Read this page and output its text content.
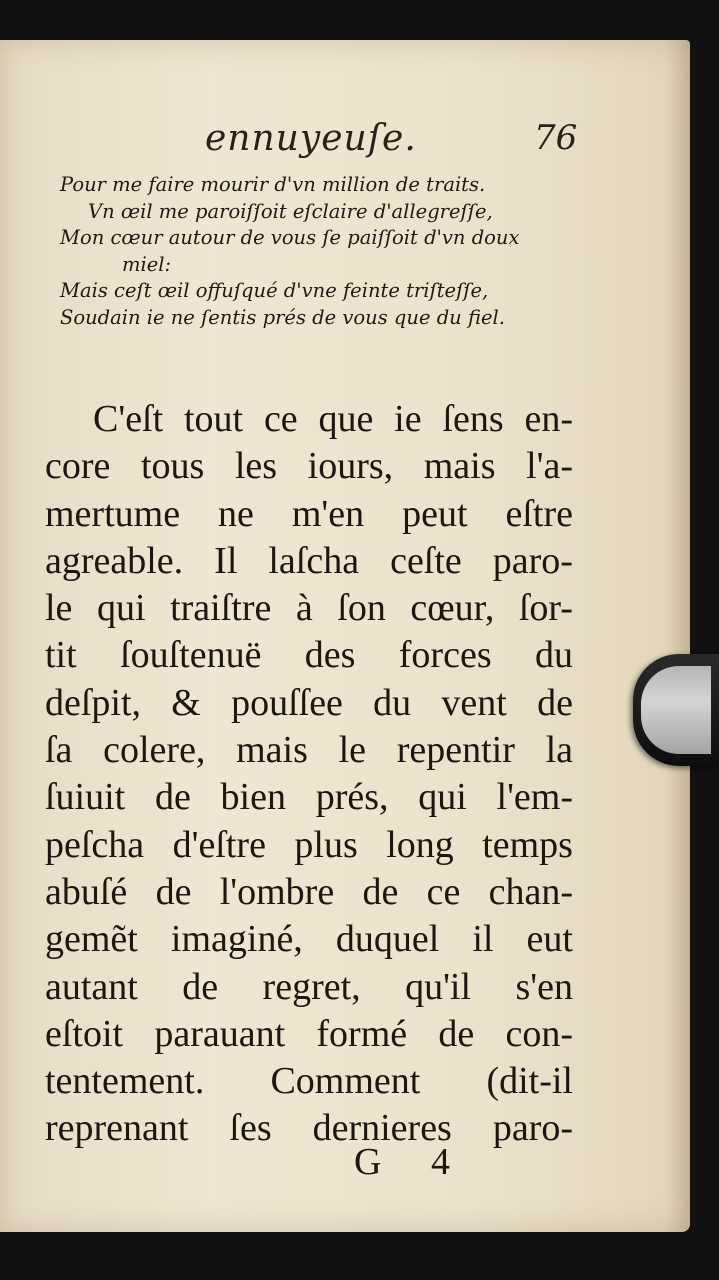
ennuyeuſe.	76
Pour me faire mourir d'vn million de traits.
Vn œil me paroiſſoit eſclaire d'allegreſſe,
Mon cœur autour de vous ſe paiſſoit d'vn doux
miel:
Mais ceſt œil offuſqué d'vne feinte triſteſſe,
Soudain ie ne ſentis prés de vous que du fiel.
C'eſt tout ce que ie ſens en-
core tous les iours, mais l'a-
mertume ne m'en peut eſtre
agreable. Il laſcha ceſte paro-
le qui traiſtre à ſon cœur, ſor-
tit ſouſtenuë des forces du
deſpit, & pouſſee du vent de
ſa colere, mais le repentir la
ſuiuit de bien prés, qui l'em-
peſcha d'eſtre plus long temps
abuſé de l'ombre de ce chan-
gemẽt imaginé, duquel il eut
autant de regret, qu'il s'en
eſtoit parauant formé de con-
tentement. Comment (dit-il
reprenant ſes dernieres paro-
G 4
